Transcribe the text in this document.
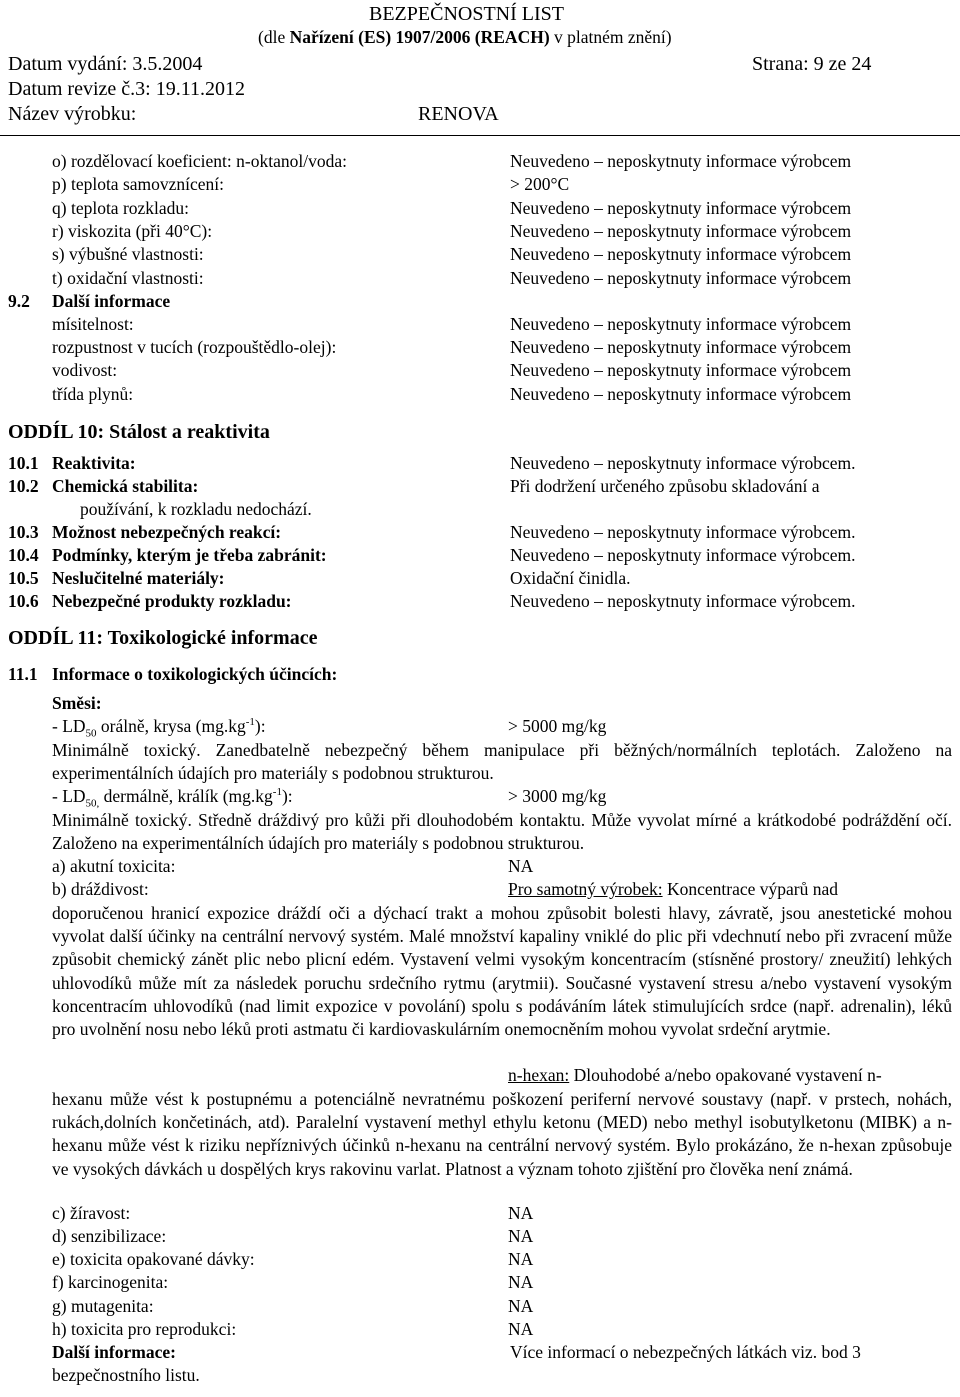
BEZPEČNOSTNÍ LIST
(dle Nařízení (ES) 1907/2006 (REACH) v platném znění)
Datum vydání: 3.5.2004	Strana: 9 ze 24
Datum revize č.3: 19.11.2012
Název výrobku:	RENOVA
o) rozdělovací koeficient: n-oktanol/voda:	Neuvedeno – neposkytnuty informace výrobcem
p) teplota samovznícení:	> 200°C
q) teplota rozkladu:	Neuvedeno – neposkytnuty informace výrobcem
r) viskozita (při 40°C):	Neuvedeno – neposkytnuty informace výrobcem
s) výbušné vlastnosti:	Neuvedeno – neposkytnuty informace výrobcem
t) oxidační vlastnosti:	Neuvedeno – neposkytnuty informace výrobcem
9.2 Další informace
mísitelnost:	Neuvedeno – neposkytnuty informace výrobcem
rozpustnost v tucích (rozpouštědlo-olej):	Neuvedeno – neposkytnuty informace výrobcem
vodivost:	Neuvedeno – neposkytnuty informace výrobcem
třída plynů:	Neuvedeno – neposkytnuty informace výrobcem
ODDÍL 10: Stálost a reaktivita
10.1 Reaktivita:	Neuvedeno – neposkytnuty informace výrobcem.
10.2 Chemická stabilita:	Při dodržení určeného způsobu skladování a
používání, k rozkladu nedochází.
10.3 Možnost nebezpečných reakcí:	Neuvedeno – neposkytnuty informace výrobcem.
10.4 Podmínky, kterým je třeba zabránit:	Neuvedeno – neposkytnuty informace výrobcem.
10.5 Neslučitelné materiály:	Oxidační činidla.
10.6 Nebezpečné produkty rozkladu:	Neuvedeno – neposkytnuty informace výrobcem.
ODDÍL 11: Toxikologické informace
11.1 Informace o toxikologických účincích:
Směsi:
- $LD_{50}$ orálně, krysa $(mg.kg^{-1})$:	> 5000 mg/kg
Minimálně toxický. Zanedbatelně nebezpečný během manipulace při běžných/normálních teplotách. Založeno na experimentálních údajích pro materiály s podobnou strukturou.
- $LD_{50,}$ dermálně, králík $(mg.kg^{-1})$:	> 3000 mg/kg
Minimálně toxický. Středně dráždivý pro kůži při dlouhodobém kontaktu. Může vyvolat mírné a krátkodobé podráždění očí. Založeno na experimentálních údajích pro materiály s podobnou strukturou.
a) akutní toxicita:	NA
b) dráždivost:	Pro samotný výrobek: Koncentrace výparů nad
doporučenou hranicí expozice dráždí oči a dýchací trakt a mohou způsobit bolesti hlavy, závratě, jsou anestetické mohou vyvolat další účinky na centrální nervový systém. Malé množství kapaliny vniklé do plic při vdechnutí nebo při zvracení může způsobit chemický zánět plic nebo plicní edém. Vystavení velmi vysokým koncentracím (stísněné prostory/ zneužití) lehkých uhlovodíků může mít za následek poruchu srdečního rytmu (arytmii). Současné vystavení stresu a/nebo vystavení vysokým koncentracím uhlovodíků (nad limit expozice v povolání) spolu s podáváním látek stimulujících srdce (např. adrenalin), léků pro uvolnění nosu nebo léků proti astmatu či kardiovaskulárním onemocněním mohou vyvolat srdeční arytmie.
n-hexan: Dlouhodobé a/nebo opakované vystavení n-
hexanu může vést k postupnému a potenciálně nevratnému poškození periferní nervové soustavy (např. v prstech, nohách, rukách,dolních končetinách, atd). Paralelní vystavení methyl ethylu ketonu (MED) nebo methyl isobutylketonu (MIBK) a n-hexanu může vést k riziku nepříznivých účinků n-hexanu na centrální nervový systém. Bylo prokázáno, že n-hexan způsobuje ve vysokých dávkách u dospělých krys rakovinu varlat. Platnost a význam tohoto zjištění pro člověka není známá.
c) žíravost:	NA
d) senzibilizace:	NA
e) toxicita opakované dávky:	NA
f) karcinogenita:	NA
g) mutagenita:	NA
h) toxicita pro reprodukci:	NA
Další informace:	Více informací o nebezpečných látkách viz. bod 3
bezpečnostního listu.
